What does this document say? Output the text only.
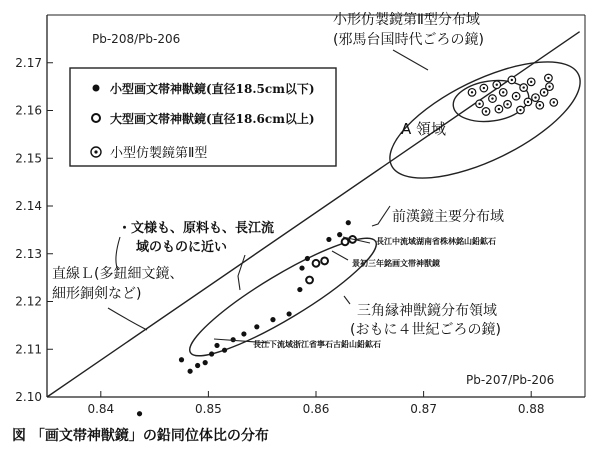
0.84	0.85	0.86	0.87	0.88
2.10
2.11
2.12
2.13
2.14
2.15
2.16
2.17
Pb-208/Pb-206
Pb-207/Pb-206
小型画文帯神獣鏡(直径18.5cm以下)
大型画文帯神獣鏡(直径18.6cm以上)
小型仿製鏡第Ⅱ型
小形仿製鏡第Ⅱ型分布域 (邪馬台国時代ごろの鏡)
A 領域
前漢鏡主要分布域
三角縁神獣鏡分布領域 (おもに４世紀ごろの鏡)
直線Ｌ(多鈕細文鏡、 細形銅剣など)
・文様も、原料も、長江流 域のものに近い	長江中流域湖南省株林銘山鉛鉱石
景初三年銘画文帯神獣鏡
長江下流域浙江省寧石古鉛山鉛鉱石
図 「画文帯神獣鏡」の鉛同位体比の分布
